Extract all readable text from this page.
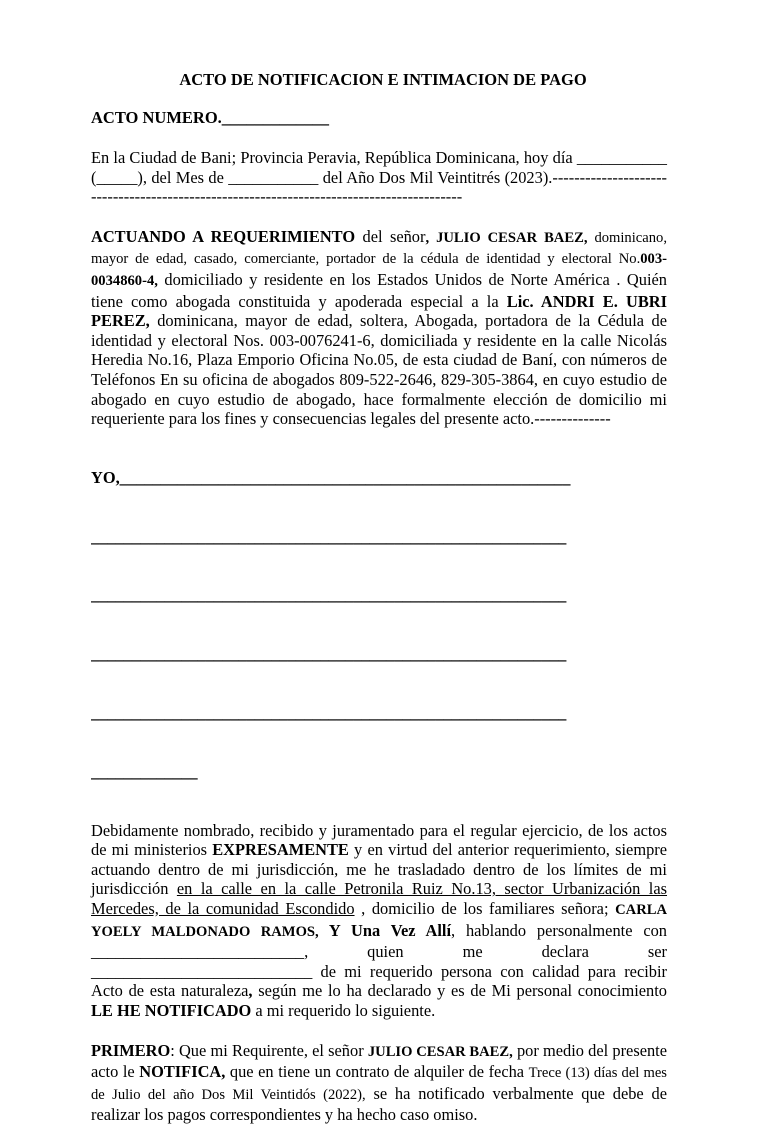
ACTO DE NOTIFICACION E INTIMACION DE PAGO
ACTO NUMERO._____________

En la Ciudad de Bani; Provincia Peravia, República Dominicana, hoy día ___________ (_____), del Mes de ___________ del Año Dos Mil Veintitrés (2023).-----------------------------------------------------------------------------------------

ACTUANDO A REQUERIMIENTO del señor, JULIO CESAR BAEZ, dominicano, mayor de edad, casado, comerciante, portador de la cédula de identidad y electoral No.003-0034860-4, domiciliado y residente en los Estados Unidos de Norte América . Quién tiene como abogada constituida y apoderada especial a la Lic. ANDRI E. UBRI PEREZ, dominicana, mayor de edad, soltera, Abogada, portadora de la Cédula de identidad y electoral Nos. 003-0076241-6, domiciliada y residente en la calle Nicolás Heredia No.16, Plaza Emporio Oficina No.05, de esta ciudad de Baní, con números de Teléfonos En su oficina de abogados 809-522-2646, 829-305-3864, en cuyo estudio de abogado en cuyo estudio de abogado, hace formalmente elección de domicilio mi requeriente para los fines y consecuencias legales del presente acto.--------------

YO,_______________________________________________________

__________________________________________________________

__________________________________________________________

__________________________________________________________

__________________________________________________________

_____________

Debidamente nombrado, recibido y juramentado para el regular ejercicio, de los actos de mi ministerios EXPRESAMENTE y en virtud del anterior requerimiento, siempre actuando dentro de mi jurisdicción, me he trasladado dentro de los límites de mi jurisdicción en la calle en la calle Petronila Ruiz No.13, sector Urbanización las Mercedes, de la comunidad Escondido , domicilio de los familiares señora; CARLA YOELY MALDONADO RAMOS, Y Una Vez Allí, hablando personalmente con __________________________, quien me declara ser ___________________________ de mi requerido persona con calidad para recibir Acto de esta naturaleza, según me lo ha declarado y es de Mi personal conocimiento LE HE NOTIFICADO a mi requerido lo siguiente.

PRIMERO: Que mi Requirente, el señor JULIO CESAR BAEZ, por medio del presente acto le NOTIFICA, que en tiene un contrato de alquiler de fecha Trece (13) días del mes de Julio del año Dos Mil Veintidós (2022), se ha notificado verbalmente que debe de realizar los pagos correspondientes y ha hecho caso omiso.
